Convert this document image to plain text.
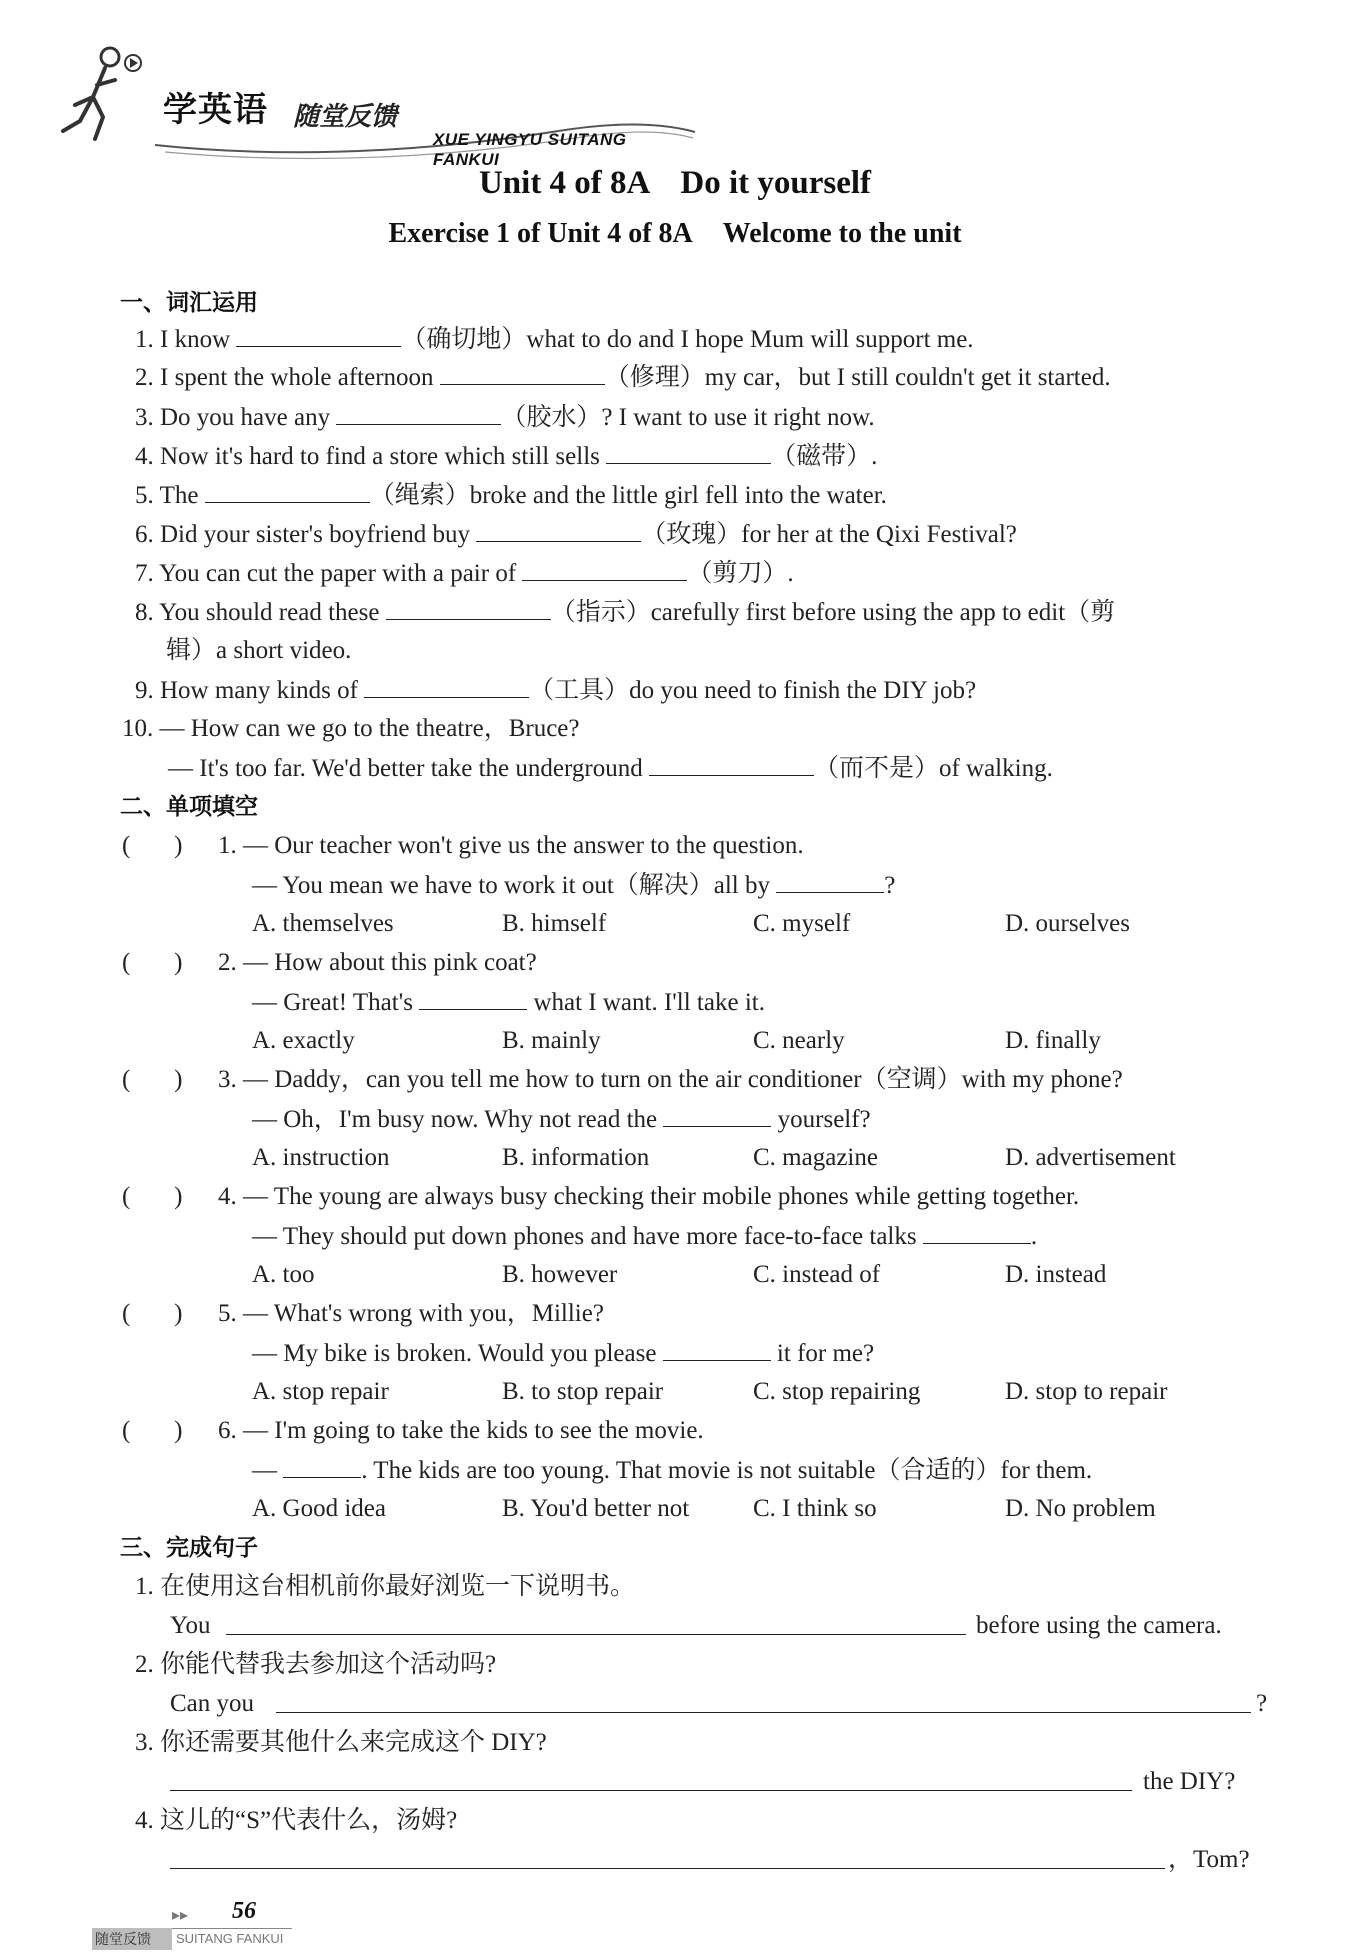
学英语 随堂反馈
XUE YINGYU SUITANG FANKUI
Unit 4 of 8A Do it yourself
Exercise 1 of Unit 4 of 8A Welcome to the unit
一、词汇运用
1. I know	（确切地）what to do and I hope Mum will support me.
2. I spent the whole afternoon	（修理）my car，but I still couldn't get it started.
3. Do you have any	（胶水）? I want to use it right now.
4. Now it's hard to find a store which still sells	（磁带）.
5. The	（绳索）broke and the little girl fell into the water.
6. Did your sister's boyfriend buy	（玫瑰）for her at the Qixi Festival?
7. You can cut the paper with a pair of	（剪刀）.
8. You should read these	（指示）carefully first before using the app to edit（剪
辑）a short video.
9. How many kinds of	（工具）do you need to finish the DIY job?
10. — How can we go to the theatre，Bruce?
— It's too far. We'd better take the underground	（而不是）of walking.
二、单项填空
(       ) 1. — Our teacher won't give us the answer to the question.
— You mean we have to work it out（解决）all by	?
A. themselves	B. himself	C. myself	D. ourselves
(       ) 2. — How about this pink coat?
— Great! That's	what I want. I'll take it.
A. exactly	B. mainly	C. nearly	D. finally
(       ) 3. — Daddy，can you tell me how to turn on the air conditioner（空调）with my phone?
— Oh，I'm busy now. Why not read the	yourself?
A. instruction	B. information	C. magazine	D. advertisement
(       ) 4. — The young are always busy checking their mobile phones while getting together.
— They should put down phones and have more face-to-face talks	.
A. too	B. however	C. instead of	D. instead
(       ) 5. — What's wrong with you，Millie?
— My bike is broken. Would you please	it for me?
A. stop repair	B. to stop repair	C. stop repairing	D. stop to repair
(       ) 6. — I'm going to take the kids to see the movie.
—	. The kids are too young. That movie is not suitable（合适的）for them.
A. Good idea	B. You'd better not	C. I think so	D. No problem
三、完成句子
1. 在使用这台相机前你最好浏览一下说明书。
You	before using the camera.
2. 你能代替我去参加这个活动吗?
Can you	?
3. 你还需要其他什么来完成这个 DIY?
the DIY?
4. 这儿的“S”代表什么，汤姆?
，Tom?
▸▸ 56
随堂反馈 SUITANG FANKUI
